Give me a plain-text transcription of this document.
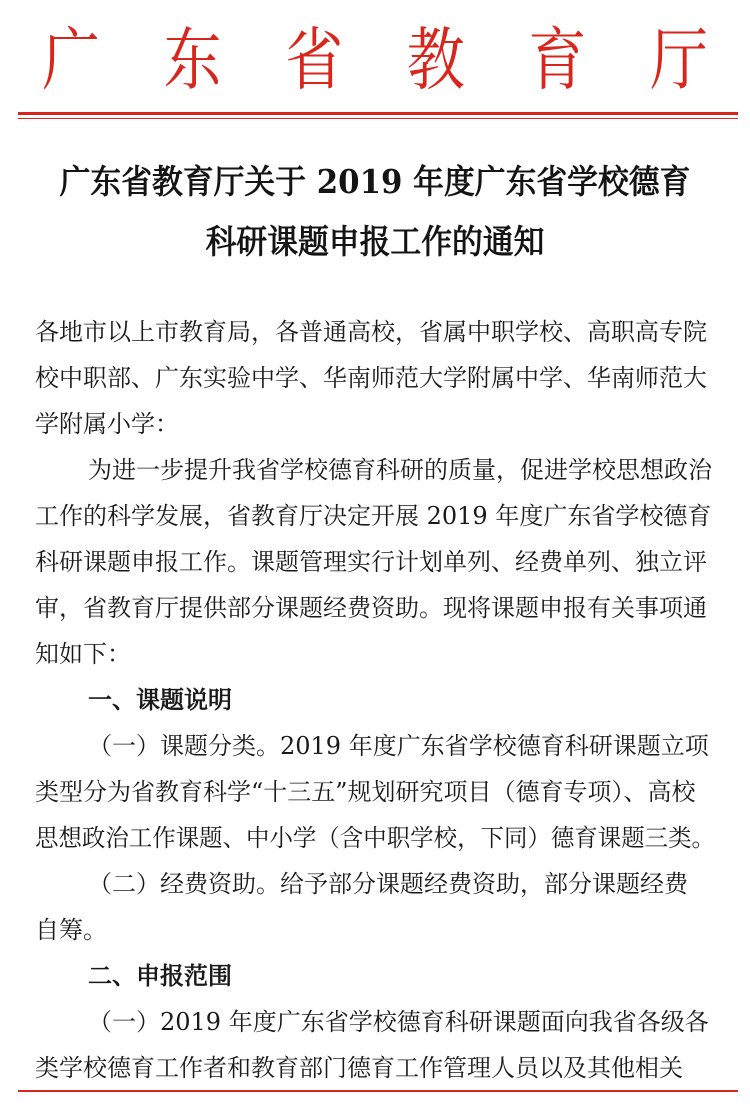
广 东 省 教 育 厅
广东省教育厅关于 2019 年度广东省学校德育
科研课题申报工作的通知
各地市以上市教育局，各普通高校，省属中职学校、高职高专院
校中职部、广东实验中学、华南师范大学附属中学、华南师范大
学附属小学：
为进一步提升我省学校德育科研的质量，促进学校思想政治
工作的科学发展，省教育厅决定开展 2019 年度广东省学校德育
科研课题申报工作。课题管理实行计划单列、经费单列、独立评
审，省教育厅提供部分课题经费资助。现将课题申报有关事项通
知如下：
一、课题说明
（一）课题分类。2019 年度广东省学校德育科研课题立项
类型分为省教育科学“十三五”规划研究项目（德育专项）、高校
思想政治工作课题、中小学（含中职学校，下同）德育课题三类。
（二）经费资助。给予部分课题经费资助，部分课题经费
自筹。
二、申报范围
（一）2019 年度广东省学校德育科研课题面向我省各级各
类学校德育工作者和教育部门德育工作管理人员以及其他相关
